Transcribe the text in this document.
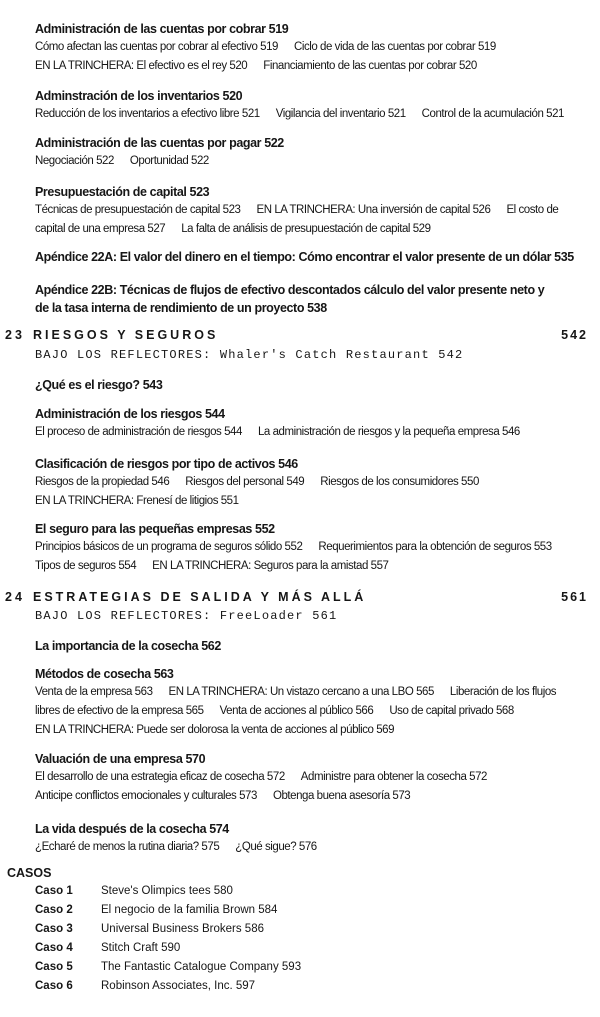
Administración de las cuentas por cobrar 519
Cómo afectan las cuentas por cobrar al efectivo 519 Ciclo de vida de las cuentas por cobrar 519
EN LA TRINCHERA: El efectivo es el rey 520 Financiamiento de las cuentas por cobrar 520
Adminstración de los inventarios 520
Reducción de los inventarios a efectivo libre 521 Vigilancia del inventario 521 Control de la acumulación 521
Administración de las cuentas por pagar 522
Negociación 522 Oportunidad 522
Presupuestación de capital 523
Técnicas de presupuestación de capital 523 EN LA TRINCHERA: Una inversión de capital 526 El costo de
capital de una empresa 527 La falta de análisis de presupuestación de capital 529
Apéndice 22A: El valor del dinero en el tiempo: Cómo encontrar el valor presente de un dólar 535
Apéndice 22B: Técnicas de flujos de efectivo descontados cálculo del valor presente neto y
de la tasa interna de rendimiento de un proyecto 538
¿Qué es el riesgo? 543
Administración de los riesgos 544
El proceso de administración de riesgos 544 La administración de riesgos y la pequeña empresa 546
Clasificación de riesgos por tipo de activos 546
Riesgos de la propiedad 546 Riesgos del personal 549 Riesgos de los consumidores 550
EN LA TRINCHERA: Frenesí de litigios 551
El seguro para las pequeñas empresas 552
Principios básicos de un programa de seguros sólido 552 Requerimientos para la obtención de seguros 553
Tipos de seguros 554 EN LA TRINCHERA: Seguros para la amistad 557
La importancia de la cosecha 562
Métodos de cosecha 563
Venta de la empresa 563 EN LA TRINCHERA: Un vistazo cercano a una LBO 565 Liberación de los flujos
libres de efectivo de la empresa 565 Venta de acciones al público 566 Uso de capital privado 568
EN LA TRINCHERA: Puede ser dolorosa la venta de acciones al público 569
Valuación de una empresa 570
El desarrollo de una estrategia eficaz de cosecha 572 Administre para obtener la cosecha 572
Anticipe conflictos emocionales y culturales 573 Obtenga buena asesoría 573
La vida después de la cosecha 574
¿Echaré de menos la rutina diaria? 575 ¿Qué sigue? 576
23 RIESGOS Y SEGUROS	542
BAJO LOS REFLECTORES: Whaler's Catch Restaurant 542
24 ESTRATEGIAS DE SALIDA Y MÁS ALLÁ	561
BAJO LOS REFLECTORES: FreeLoader 561
CASOS
Caso 1 Steve's Olimpics tees 580
Caso 2 El negocio de la familia Brown 584
Caso 3 Universal Business Brokers 586
Caso 4 Stitch Craft 590
Caso 5 The Fantastic Catalogue Company 593
Caso 6 Robinson Associates, Inc. 597
